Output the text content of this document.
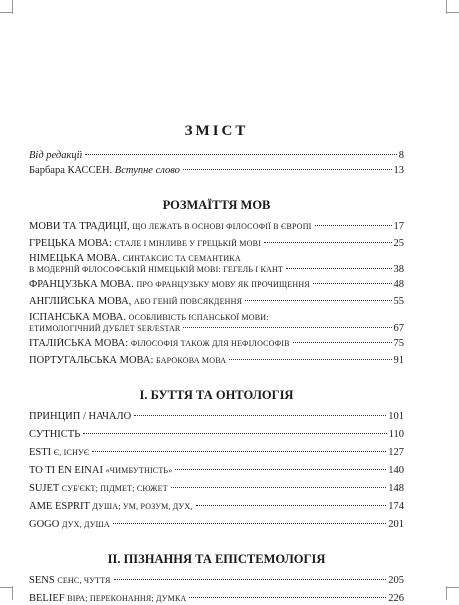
ЗМІСТ
Від редакції	8
Барбара КАССЕН. Вступне слово	13
РОЗМАЇТТЯ МОВ
МОВИ ТА ТРАДИЦІЇ, ЩО ЛЕЖАТЬ В ОСНОВІ ФІЛОСОФІЇ В ЄВРОПІ	17
ГРЕЦЬКА МОВА: СТАЛЕ І МІНЛИВЕ У ГРЕЦЬКІЙ МОВІ	25
НІМЕЦЬКА МОВА. СИНТАКСИС ТА СЕМАНТИКА
В МОДЕРНІЙ ФІЛОСОФСЬКІЙ НІМЕЦЬКІЙ МОВІ: ГЕГЕЛЬ І КАНТ	38
ФРАНЦУЗЬКА МОВА. ПРО ФРАНЦУЗЬКУ МОВУ ЯК ПРОЧИЩЕННЯ	48
АНГЛІЙСЬКА МОВА, АБО ГЕНІЙ ПОВСЯКДЕННЯ	55
ІСПАНСЬКА МОВА. ОСОБЛИВІСТЬ ІСПАНСЬКОЇ МОВИ:
ЕТИМОЛОГІЧНИЙ ДУБЛЕТ SER/ESTAR	67
ІТАЛІЙСЬКА МОВА: ФІЛОСОФІЯ ТАКОЖ ДЛЯ НЕФІЛОСОФІВ	75
ПОРТУГАЛЬСЬКА МОВА: БАРОКОВА МОВА	91
І. БУТТЯ ТА ОНТОЛОГІЯ
ПРИНЦИП / НАЧАЛО	101
СУТНІСТЬ	110
ESTI Є, ІСНУЄ	127
TO TI ÊN EINAI «ЧИМБУТНІСТЬ»	140
SUJET СУБ'ЄКТ; ПІДМЕТ; СЮЖЕТ	148
ÂME ESPRIT ДУША; УМ, РОЗУМ, ДУХ,	174
GOGO ДУХ, ДУША	201
ІІ. ПІЗНАННЯ ТА ЕПІСТЕМОЛОГІЯ
SENS СЕНС, ЧУТТЯ	205
BELIEF ВІРА; ПЕРЕКОНАННЯ; ДУМКА	226
